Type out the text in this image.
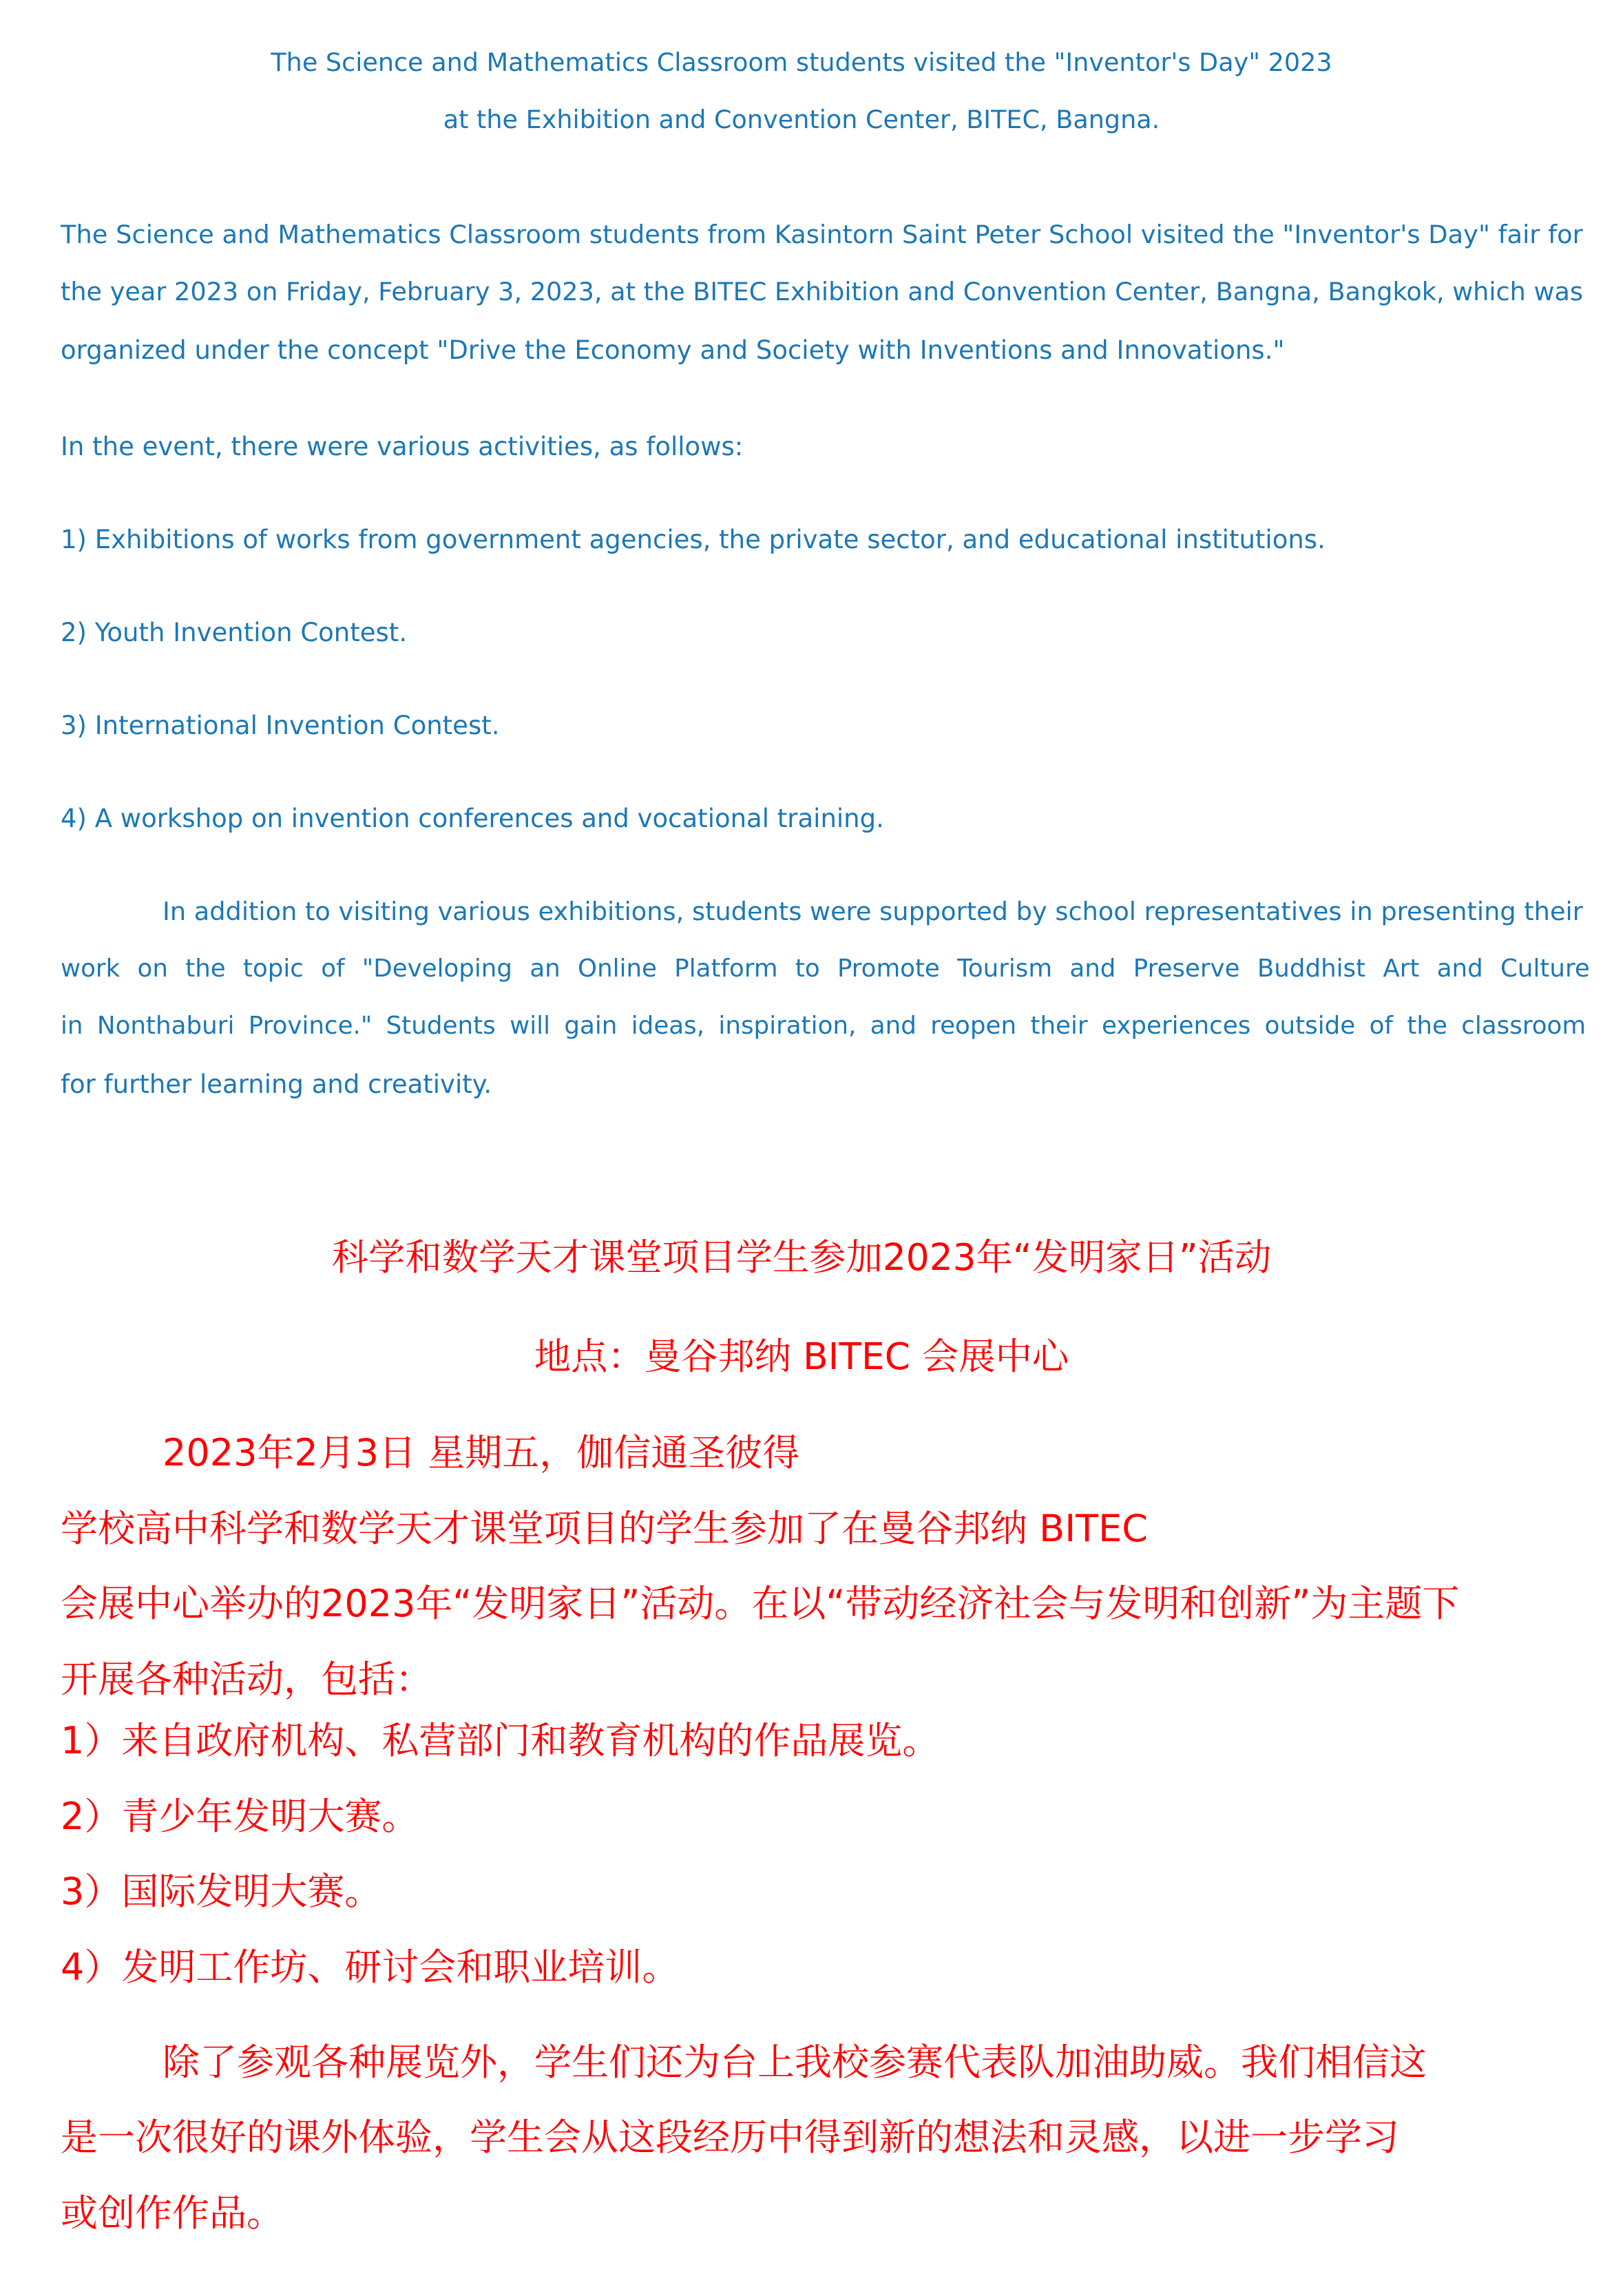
The Science and Mathematics Classroom students visited the "Inventor's Day" 2023
at the Exhibition and Convention Center, BITEC, Bangna.
The Science and Mathematics Classroom students from Kasintorn Saint Peter School visited the "Inventor's Day" fair for
the year 2023 on Friday, February 3, 2023, at the BITEC Exhibition and Convention Center, Bangna, Bangkok, which was
organized under the concept "Drive the Economy and Society with Inventions and Innovations."
In the event, there were various activities, as follows:
1) Exhibitions of works from government agencies, the private sector, and educational institutions.
2) Youth Invention Contest.
3) International Invention Contest.
4) A workshop on invention conferences and vocational training.
In addition to visiting various exhibitions, students were supported by school representatives in presenting their
work on the topic of "Developing an Online Platform to Promote Tourism and Preserve Buddhist Art and Culture
in Nonthaburi Province." Students will gain ideas, inspiration, and reopen their experiences outside of the classroom
for further learning and creativity.
科学和数学天才课堂项目学生参加2023年“发明家日”活动
地点：曼谷邦纳 BITEC 会展中心
2023年2月3日 星期五，伽信通圣彼得
学校高中科学和数学天才课堂项目的学生参加了在曼谷邦纳 BITEC
会展中心举办的2023年“发明家日”活动。在以“带动经济社会与发明和创新”为主题下
开展各种活动，包括：
1）来自政府机构、私营部门和教育机构的作品展览。
2）青少年发明大赛。
3）国际发明大赛。
4）发明工作坊、研讨会和职业培训。
除了参观各种展览外，学生们还为台上我校参赛代表队加油助威。我们相信这
是一次很好的课外体验，学生会从这段经历中得到新的想法和灵感，以进一步学习
或创作作品。
